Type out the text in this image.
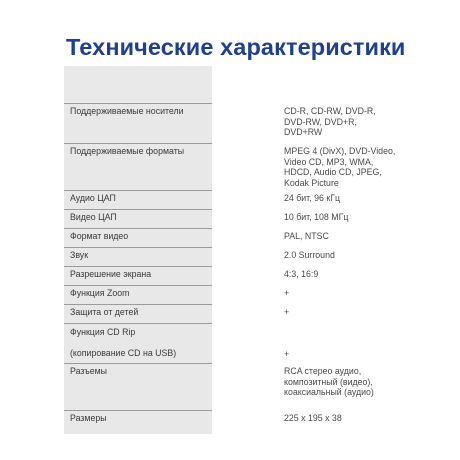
Технические характеристики
Поддерживаемые носители	CD-R, CD-RW, DVD-R,
DVD-RW, DVD+R,
DVD+RW
Поддерживаемые форматы	MPEG 4 (DivX), DVD-Video,
Video CD, MP3, WMA,
HDCD, Audio CD, JPEG,
Kodak Picture
Аудио ЦАП	24 бит, 96 кГц
Видео ЦАП	10 бит, 108 МГц
Формат видео	PAL, NTSC
Звук	2.0 Surround
Разрешение экрана	4:3, 16:9
Функция Zoom	+
Защита от детей	+
Функция CD Rip
(копирование CD на USB)	+
Разъемы	RCA стерео аудио,
композитный (видео),
коаксиальный (аудио)
Размеры	225 x 195 x 38
